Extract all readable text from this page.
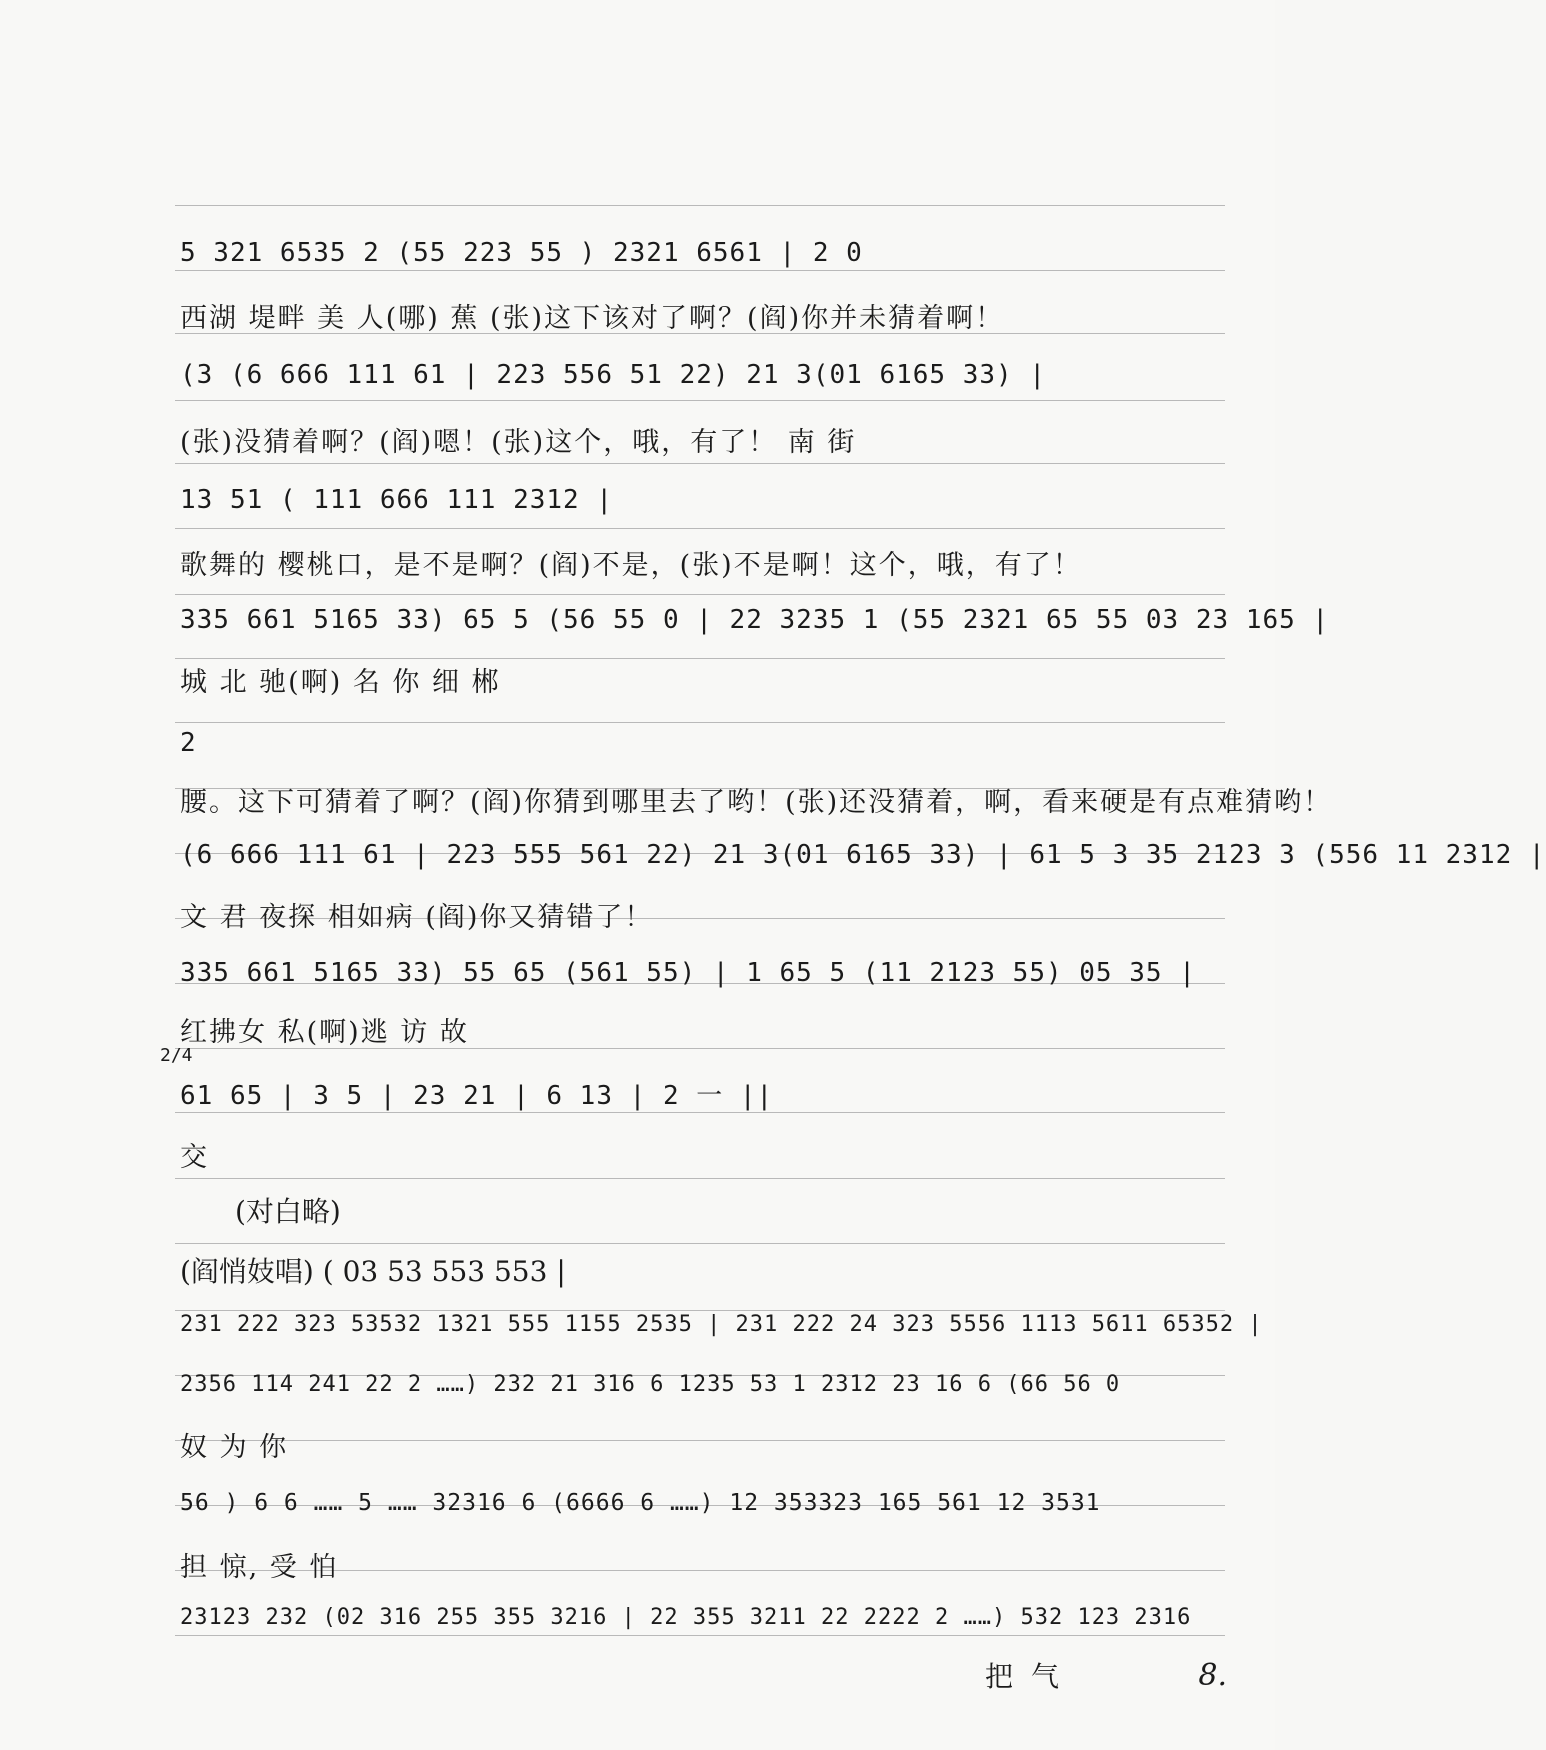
5 321 6535 2 (55 223 55 ) 2321 6561 | 2 0
西湖 堤畔 美 人(哪) 蕉 (张)这下该对了啊？(阎)你并未猜着啊！
(3 (6 666 111 61 | 223 556 51 22) 21 3(01 6165 33) |
(张)没猜着啊？(阎)嗯！(张)这个，哦，有了！ 南 街
13 51 ( 111 666 111 2312 |
歌舞的 樱桃口，是不是啊？(阎)不是，(张)不是啊！这个，哦，有了！
335 661 5165 33) 65 5 (56 55 0 | 22 3235 1 (55 2321 65 55 03 23 165 |
城 北 驰(啊) 名 你 细 郴
2
腰。这下可猜着了啊？(阎)你猜到哪里去了哟！(张)还没猜着，啊，看来硬是有点难猜哟！
(6 666 111 61 | 223 555 561 22) 21 3(01 6165 33) | 61 5 3 35 2123 3 (556 11 2312 |
文 君 夜探 相如病 (阎)你又猜错了！
335 661 5165 33) 55 65 (561 55) | 1 65 5 (11 2123 55) 05 35 |
红拂女 私(啊)逃 访 故
2/4
61 65 | 3 5 | 23 21 | 6 13 | 2 一 ||
交
(对白略)
(阎悄妓唱) ( 03 53 553 553 |
231 222 323 53532 1321 555 1155 2535 | 231 222 24 323 5556 1113 5611 65352 |
2356 114 241 22 2 ……) 232 21 316 6 1235 53 1 2312 23 16 6 (66 56 0
奴 为 你
56 ) 6 6 …… 5 …… 32316 6 (6666 6 ……) 12 353323 165 561 12 3531
担 惊, 受 怕
23123 232 (02 316 255 355 3216 | 22 355 3211 22 2222 2 ……) 532 123 2316
把气	8.
